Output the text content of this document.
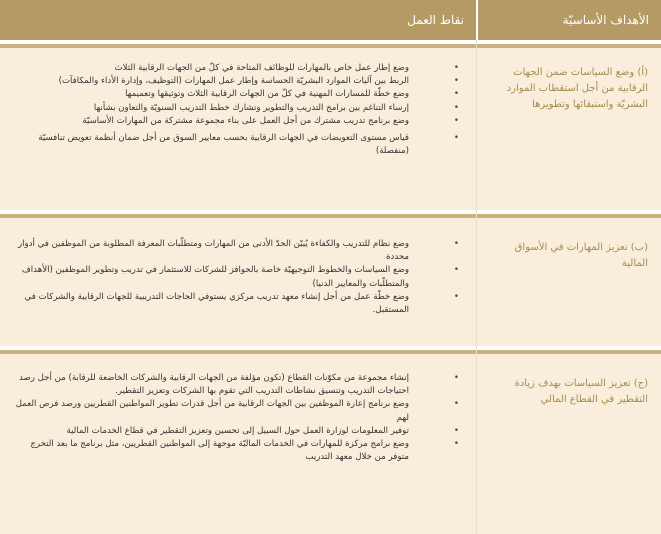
الأهداف الأساسيّة
نقاط العمل
(أ) وضع السياسات ضمن الجهات الرقابية من أجل استقطاب الموارد البشريّة واستبقائها وتطويرها
• وضع إطار عمل خاص بالمهارات للوظائف المتاحة في كلّ من الجهات الرقابية الثلاث
• الربط بين آليات الموارد البشريّة الحساسة وإطار عمل المهارات (التوظيف، وإدارة الأداء والمكافآت)
• وضع خطّة للمسارات المهنية في كلّ من الجهات الرقابية الثلاث وتوثيقها وتعميمها
• إرساء التناغم بين برامج التدريب والتطوير وتشارك خطط التدريب السنويّة والتعاون بشأنها
• وضع برنامج تدريب مشترك من أجل العمل على بناء مجموعة مشتركة من المهارات الأساسيّة
• قياس مستوى التعويضات في الجهات الرقابية بحسب معايير السوق من أجل ضمان أنظمة تعويض تنافسيّة (منفصلة)
(ب) تعزيز المهارات في الأسواق المالية
• وضع نظام للتدريب والكفاءة يُبيّن الحدّ الأدنى من المهارات ومتطلّبات المعرفة المطلوبة من الموظفين في أدوار محددة
• وضع السياسات والخطوط التوجيهيّة خاصة بالحوافز للشركات للاستثمار في تدريب وتطوير الموظفين (الأهداف والمتطلّبات والمعايير الدنيا)
• وضع خطّة عمل من أجل إنشاء معهد تدريب مركزي يستوفي الحاجات التدريبية للجهات الرقابية والشركات في المستقبل.
(ج) تعزيز السياسات بهدف زيادة التقطير في القطاع المالي
• إنشاء مجموعة من مكوّنات القطاع (تكون مؤلفة من الجهات الرقابية والشركات الخاضعة للرقابة) من أجل رصد احتياجات التدريب وتنسيق نشاطات التدريب التي تقوم بها الشركات وتعزيز التقطير.
• وضع برنامج إعارة الموظفين بين الجهات الرقابية من أجل قدرات تطوير المواطنين القطريين ورصد فرص العمل لهم
• توفير المعلومات لوزارة العمل حول السبيل إلى تحسين وتعزيز التقطير في قطاع الخدمات المالية
• وضع برامج مركزة للمهارات في الخدمات الماليّة موجهة إلى المواطنين القطريين، مثل برنامج ما بعد التخرج متوفر من خلال معهد التدريب
